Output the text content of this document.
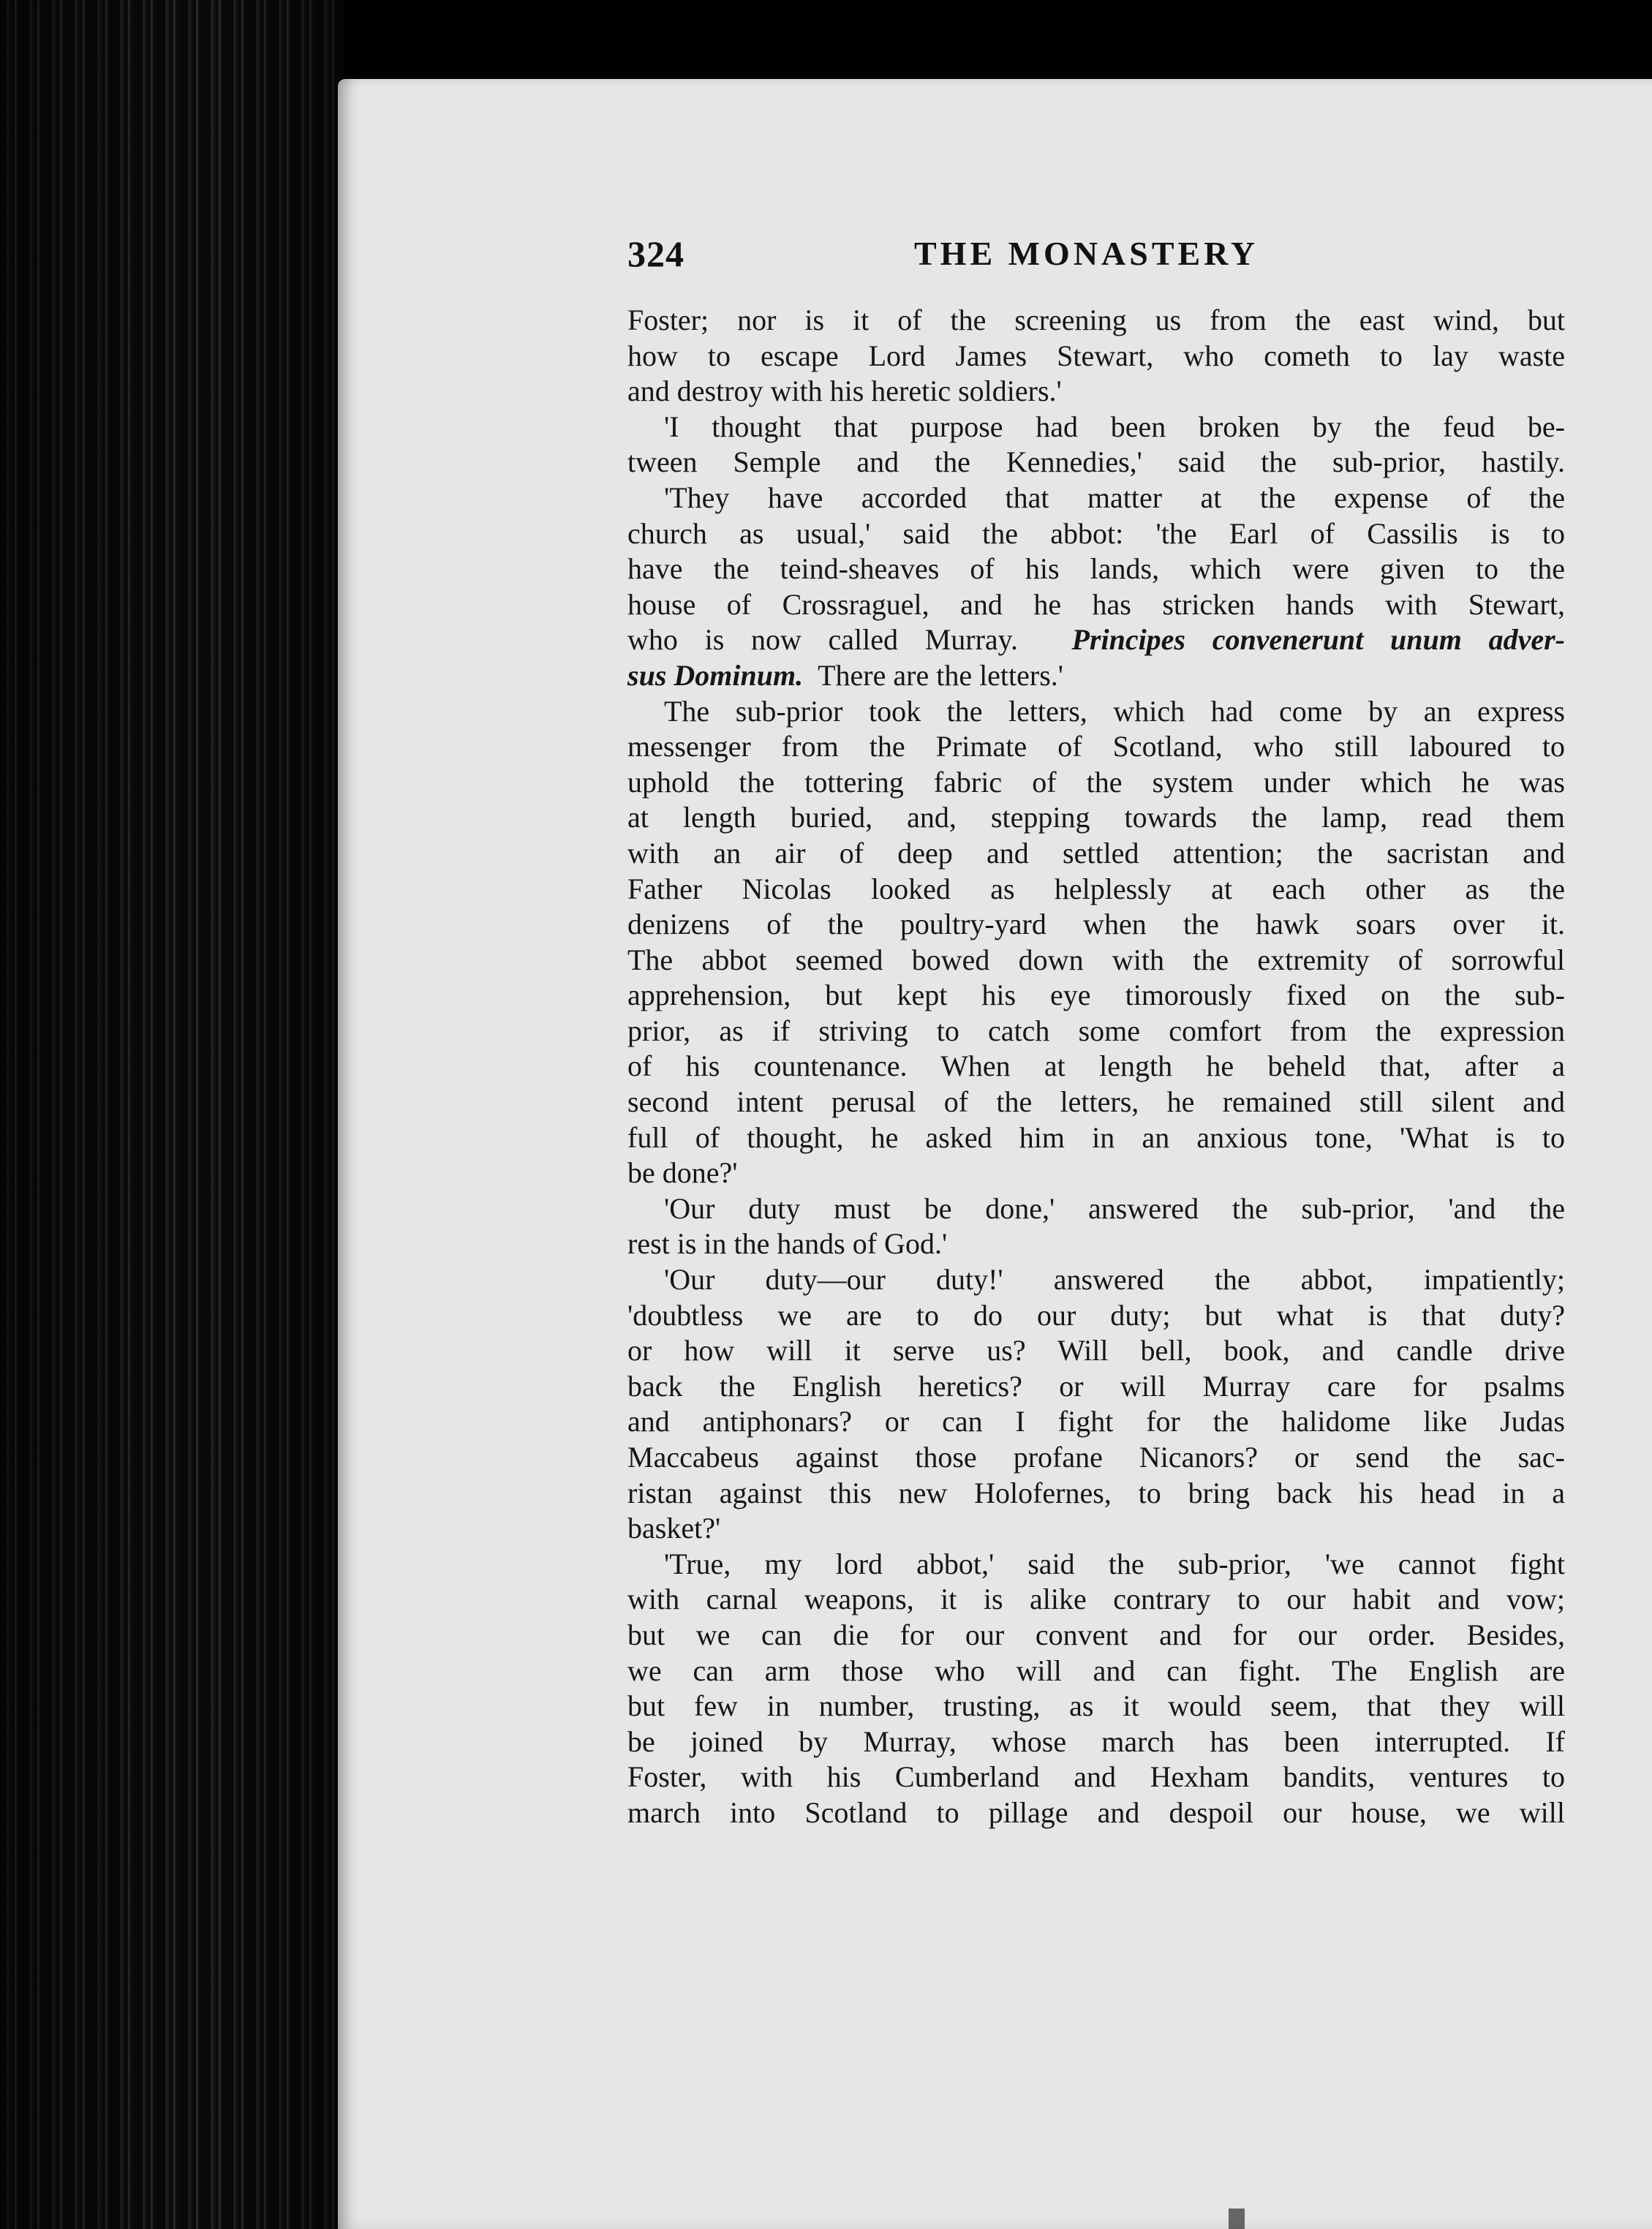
324	THE MONASTERY
Foster; nor is it of the screening us from the east wind, but
how to escape Lord James Stewart, who cometh to lay waste
and destroy with his heretic soldiers.'
'I thought that purpose had been broken by the feud be-
tween Semple and the Kennedies,' said the sub-prior, hastily.
'They have accorded that matter at the expense of the
church as usual,' said the abbot: 'the Earl of Cassilis is to
have the teind-sheaves of his lands, which were given to the
house of Crossraguel, and he has stricken hands with Stewart,
who is now called Murray. Principes convenerunt unum adver-
sus Dominum. There are the letters.'
The sub-prior took the letters, which had come by an express
messenger from the Primate of Scotland, who still laboured to
uphold the tottering fabric of the system under which he was
at length buried, and, stepping towards the lamp, read them
with an air of deep and settled attention; the sacristan and
Father Nicolas looked as helplessly at each other as the
denizens of the poultry-yard when the hawk soars over it.
The abbot seemed bowed down with the extremity of sorrowful
apprehension, but kept his eye timorously fixed on the sub-
prior, as if striving to catch some comfort from the expression
of his countenance. When at length he beheld that, after a
second intent perusal of the letters, he remained still silent and
full of thought, he asked him in an anxious tone, 'What is to
be done?'
'Our duty must be done,' answered the sub-prior, 'and the
rest is in the hands of God.'
'Our duty—our duty!' answered the abbot, impatiently;
'doubtless we are to do our duty; but what is that duty?
or how will it serve us? Will bell, book, and candle drive
back the English heretics? or will Murray care for psalms
and antiphonars? or can I fight for the halidome like Judas
Maccabeus against those profane Nicanors? or send the sac-
ristan against this new Holofernes, to bring back his head in a
basket?'
'True, my lord abbot,' said the sub-prior, 'we cannot fight
with carnal weapons, it is alike contrary to our habit and vow;
but we can die for our convent and for our order. Besides,
we can arm those who will and can fight. The English are
but few in number, trusting, as it would seem, that they will
be joined by Murray, whose march has been interrupted. If
Foster, with his Cumberland and Hexham bandits, ventures to
march into Scotland to pillage and despoil our house, we will
